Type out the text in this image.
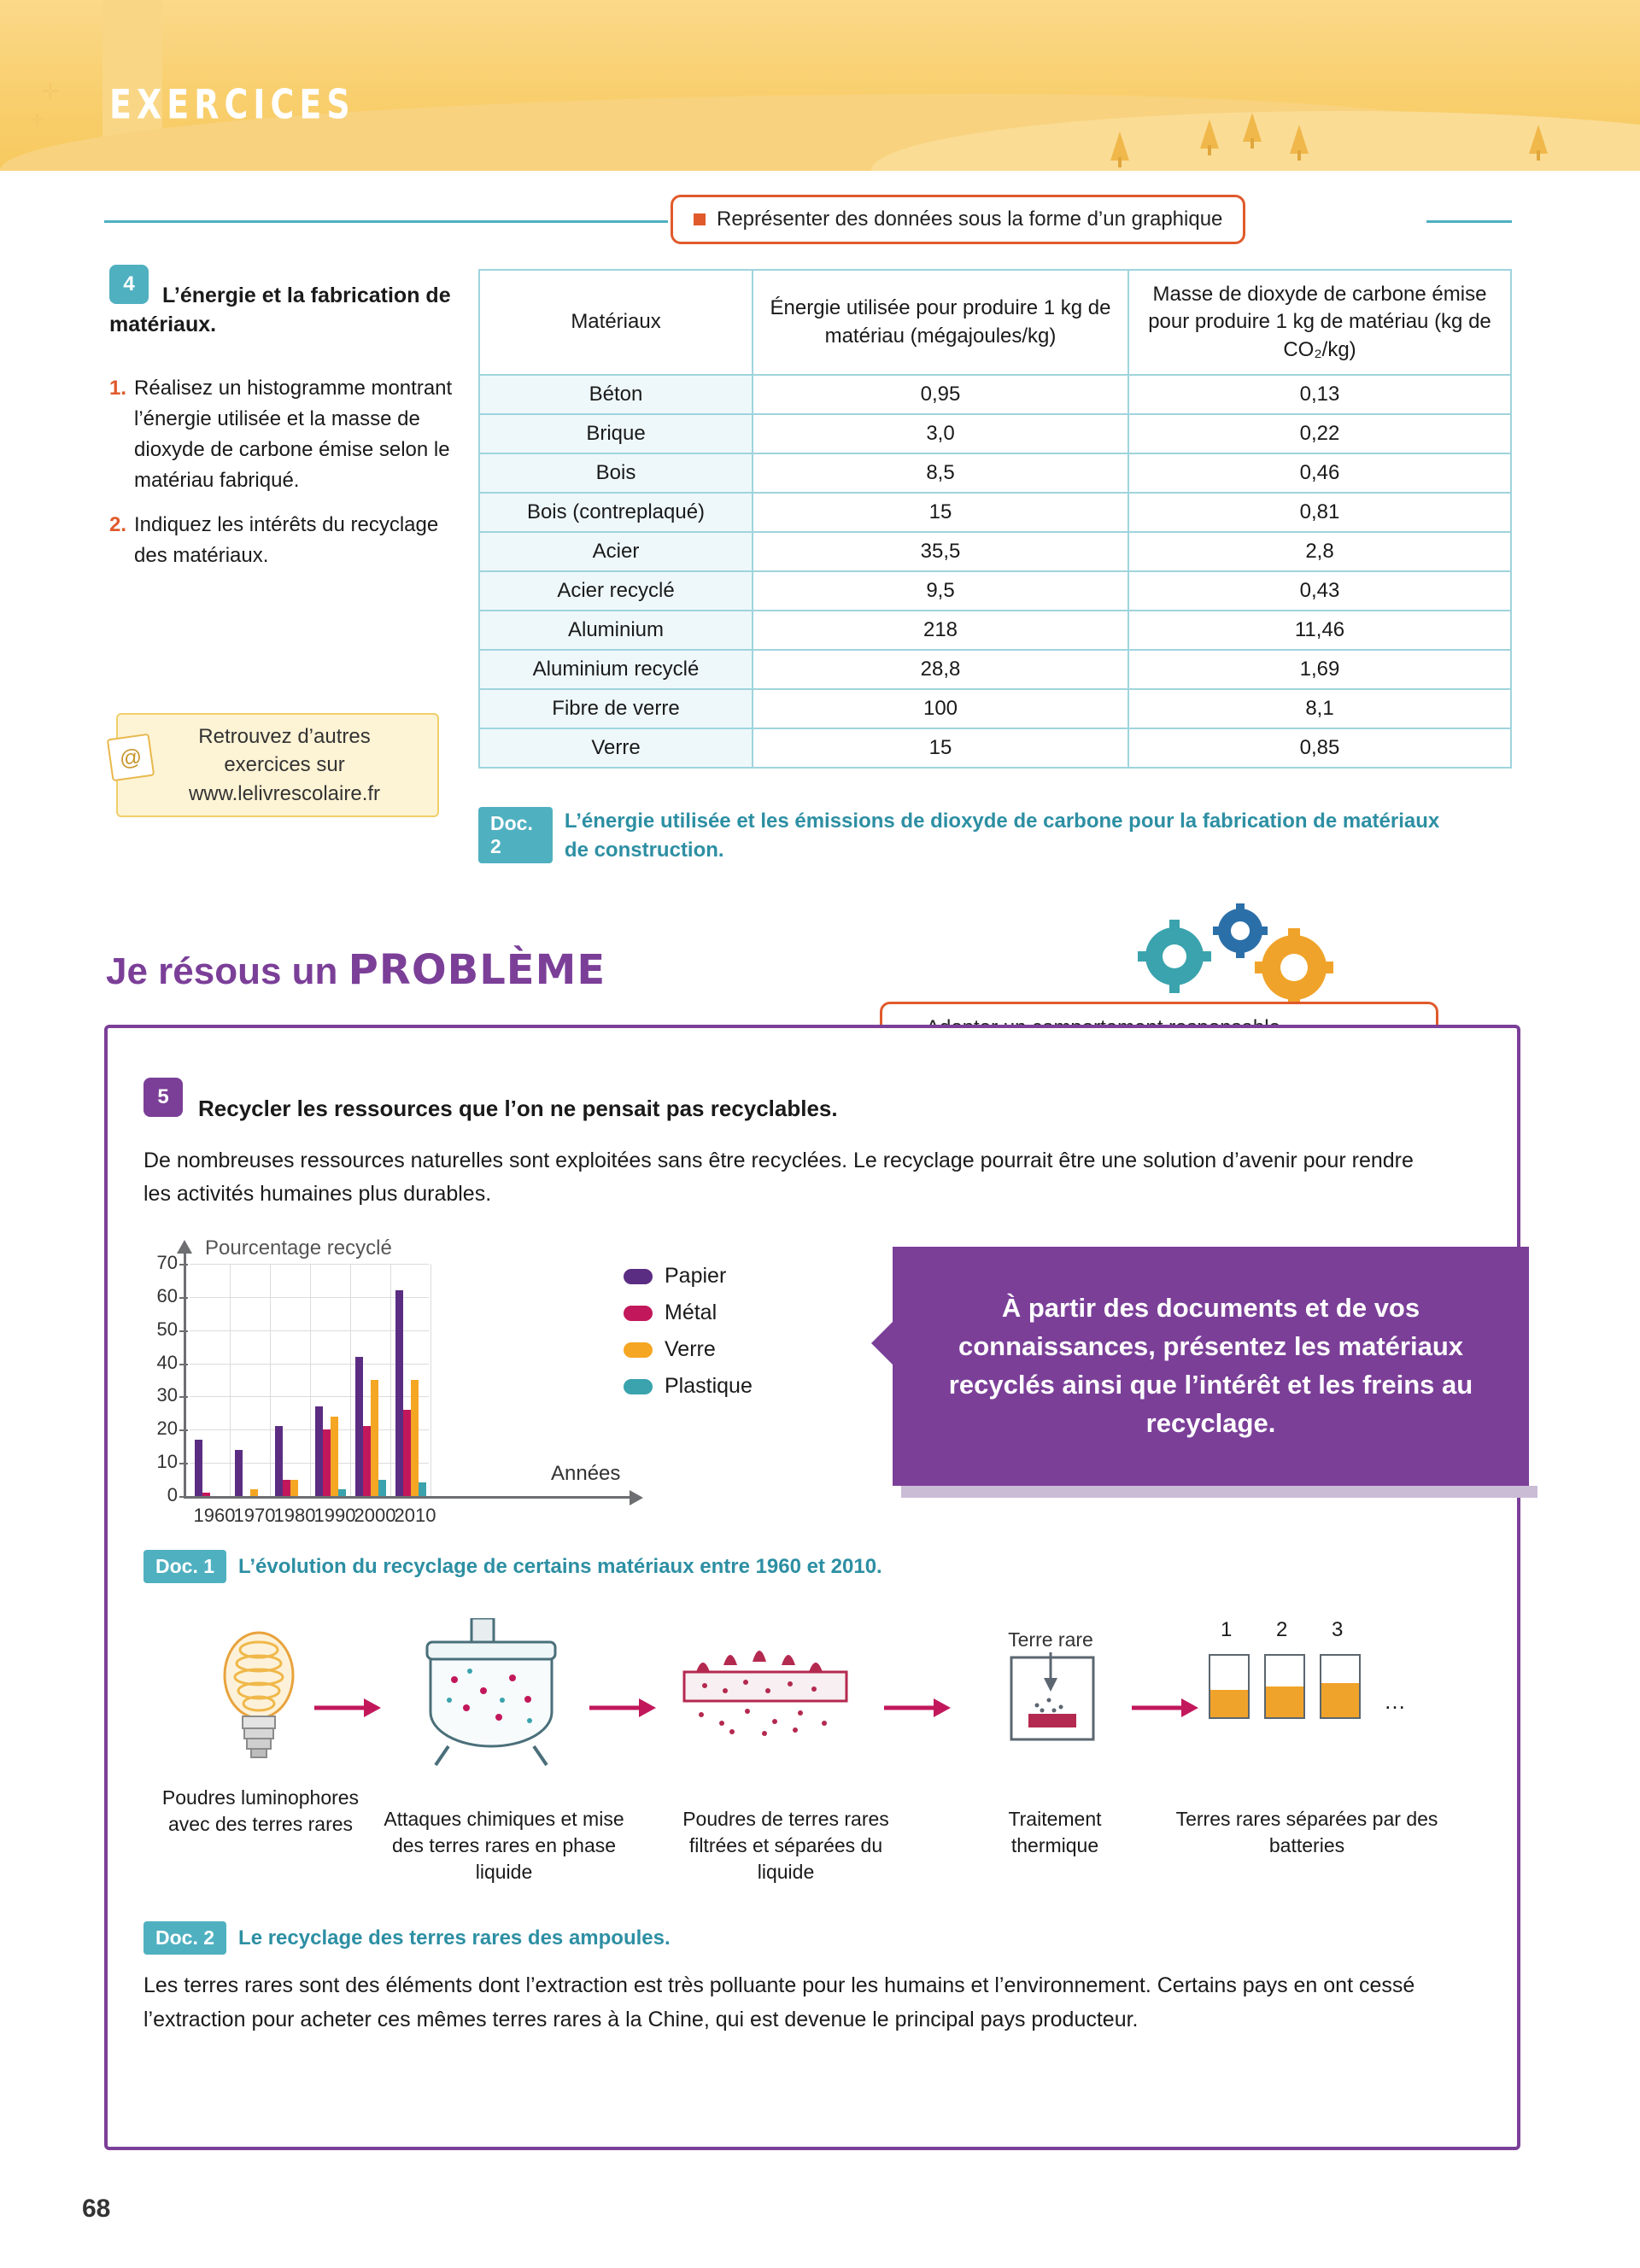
✛
✛ EXERCICES
Représenter des données sous la forme d’un graphique
4	L’énergie et la fabrication de matériaux.
1. Réalisez un histogramme montrant l’énergie utilisée et la masse de dioxyde de carbone émise selon le matériau fabriqué.
2. Indiquez les intérêts du recyclage des matériaux.
Retrouvez d’autres
exercices sur
www.lelivrescolaire.fr
@
Matériaux	Énergie utilisée pour produire 1 kg de matériau (mégajoules/kg)	Masse de dioxyde de carbone émise pour produire 1 kg de matériau (kg de CO₂/kg)
Béton	0,95	0,13
Brique	3,0	0,22
Bois	8,5	0,46
Bois (contreplaqué)	15	0,81
Acier	35,5	2,8
Acier recyclé	9,5	0,43
Aluminium	218	11,46
Aluminium recyclé	28,8	1,69
Fibre de verre	100	8,1
Verre	15	0,85
Doc. 2
L’énergie utilisée et les émissions de dioxyde de carbone pour la fabrication de matériaux de construction.
Je résous un PROBLÈME

5	Recycler les ressources que l’on ne pensait pas recyclables.
De nombreuses ressources naturelles sont exploitées sans être recyclées. Le recyclage pourrait être une solution d’avenir pour rendre les activités humaines plus durables.
Pourcentage recyclé
70
60
50
40
30
20
10
0
1960
1970
1980
1990
2000
2010
Années
Papier
Métal
Verre
Plastique
À partir des documents et de vos connaissances, présentez les matériaux recyclés ainsi que l’intérêt et les freins au recyclage.
Doc. 1	L’évolution du recyclage de certains matériaux entre 1960 et 2010.
Terre rare	1 2 3
…
Poudres luminophores avec des terres rares	Attaques chimiques et mise des terres rares en phase liquide
Poudres de terres rares filtrées et séparées du liquide
Traitement thermique
Terres rares séparées par des batteries
Doc. 2	Le recyclage des terres rares des ampoules.
Les terres rares sont des éléments dont l’extraction est très polluante pour les humains et l’environnement. Certains pays en ont cessé l’extraction pour acheter ces mêmes terres rares à la Chine, qui est devenue le principal pays producteur.
68
